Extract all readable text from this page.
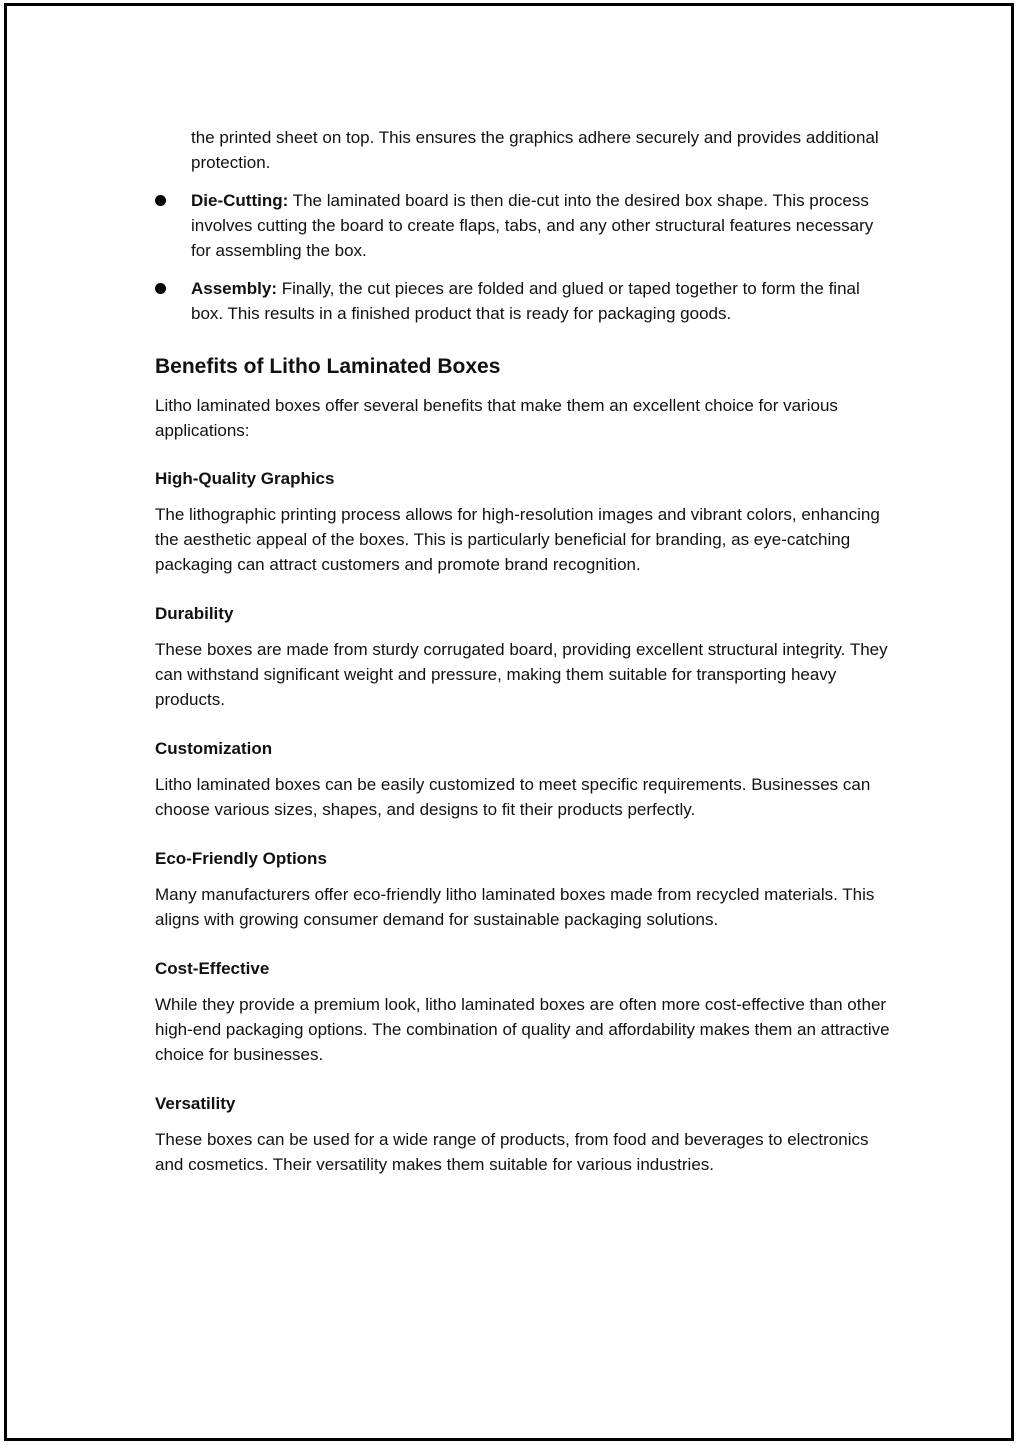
the printed sheet on top. This ensures the graphics adhere securely and provides additional protection.

Die-Cutting: The laminated board is then die-cut into the desired box shape. This process involves cutting the board to create flaps, tabs, and any other structural features necessary for assembling the box.

Assembly: Finally, the cut pieces are folded and glued or taped together to form the final box. This results in a finished product that is ready for packaging goods.

Benefits of Litho Laminated Boxes

Litho laminated boxes offer several benefits that make them an excellent choice for various applications:

High-Quality Graphics

The lithographic printing process allows for high-resolution images and vibrant colors, enhancing the aesthetic appeal of the boxes. This is particularly beneficial for branding, as eye-catching packaging can attract customers and promote brand recognition.

Durability

These boxes are made from sturdy corrugated board, providing excellent structural integrity. They can withstand significant weight and pressure, making them suitable for transporting heavy products.

Customization

Litho laminated boxes can be easily customized to meet specific requirements. Businesses can choose various sizes, shapes, and designs to fit their products perfectly.

Eco-Friendly Options

Many manufacturers offer eco-friendly litho laminated boxes made from recycled materials. This aligns with growing consumer demand for sustainable packaging solutions.

Cost-Effective

While they provide a premium look, litho laminated boxes are often more cost-effective than other high-end packaging options. The combination of quality and affordability makes them an attractive choice for businesses.

Versatility

These boxes can be used for a wide range of products, from food and beverages to electronics and cosmetics. Their versatility makes them suitable for various industries.
